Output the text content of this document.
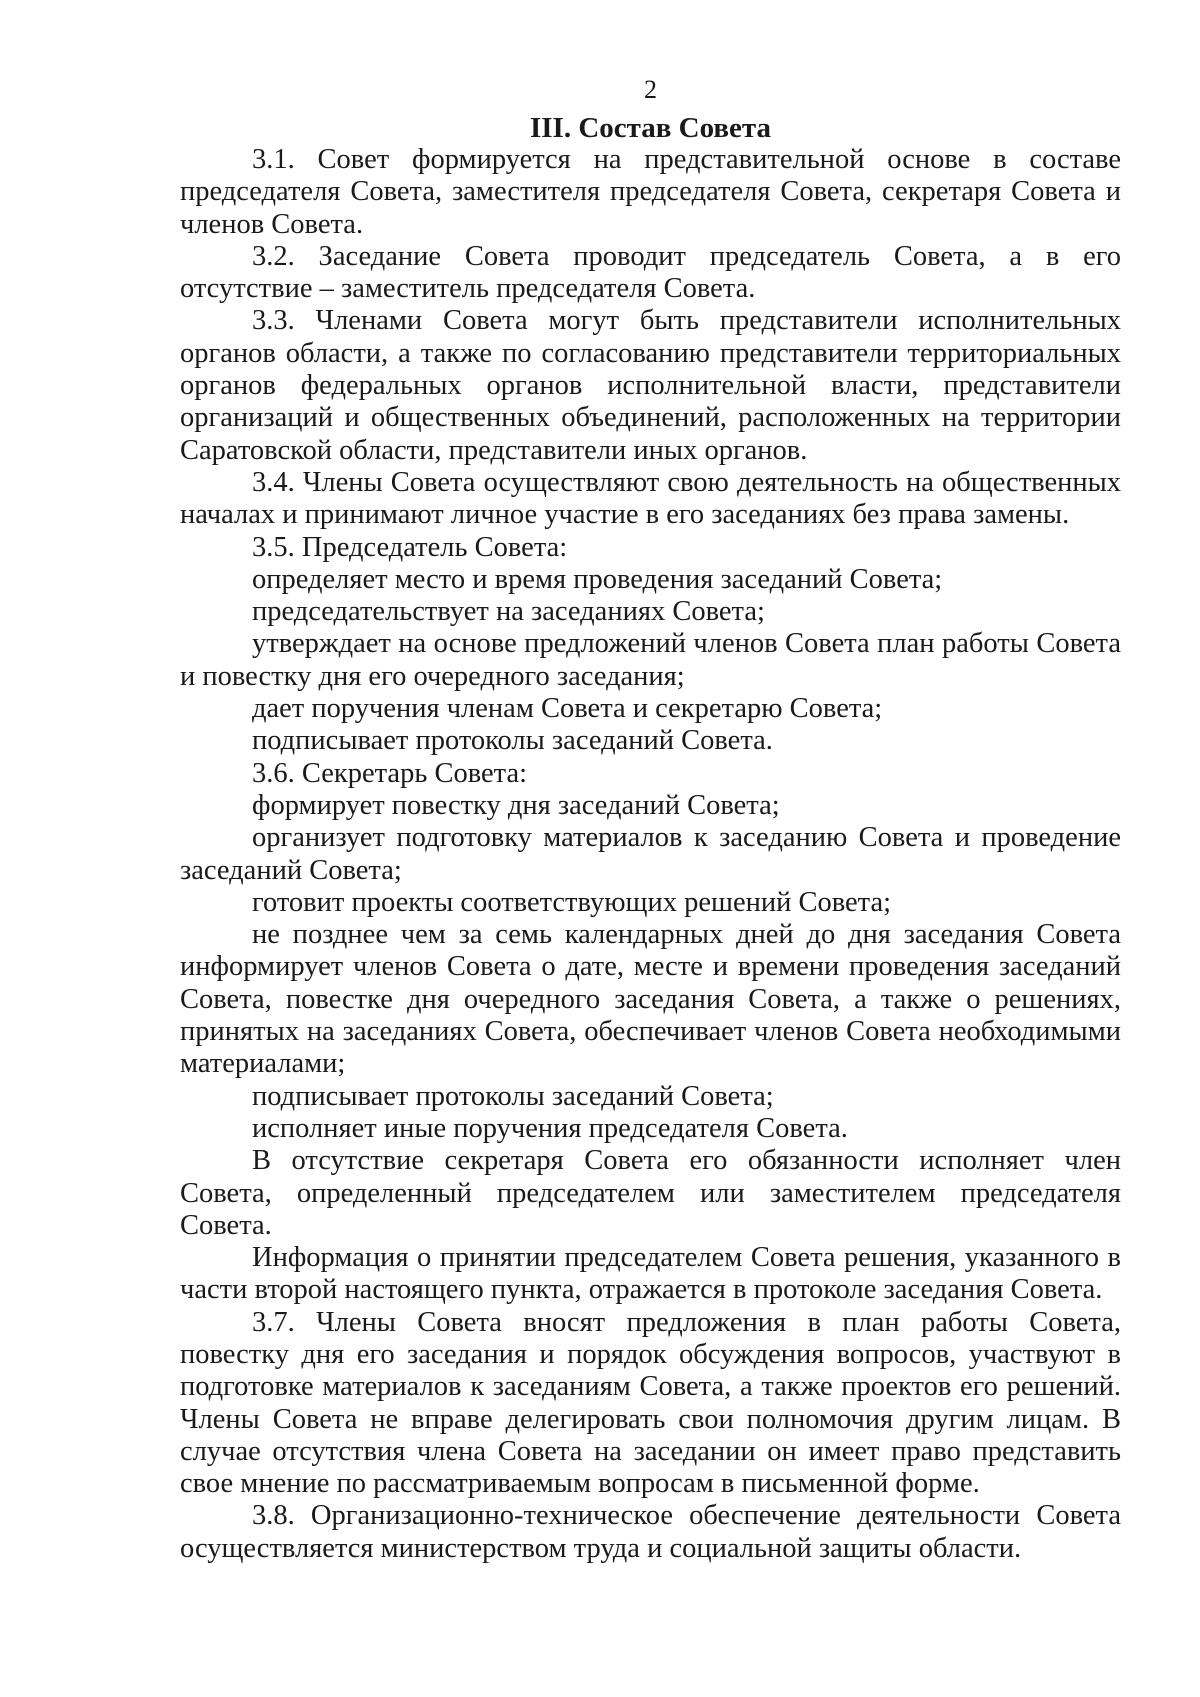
2
III. Состав Совета

3.1. Совет формируется на представительной основе в составе председателя Совета, заместителя председателя Совета, секретаря Совета и членов Совета.

3.2. Заседание Совета проводит председатель Совета, а в его отсутствие – заместитель председателя Совета.

3.3. Членами Совета могут быть представители исполнительных органов области, а также по согласованию представители территориальных органов федеральных органов исполнительной власти, представители организаций и общественных объединений, расположенных на территории Саратовской области, представители иных органов.

3.4. Члены Совета осуществляют свою деятельность на общественных началах и принимают личное участие в его заседаниях без права замены.

3.5. Председатель Совета:

определяет место и время проведения заседаний Совета;

председательствует на заседаниях Совета;

утверждает на основе предложений членов Совета план работы Совета и повестку дня его очередного заседания;

дает поручения членам Совета и секретарю Совета;

подписывает протоколы заседаний Совета.

3.6. Секретарь Совета:

формирует повестку дня заседаний Совета;

организует подготовку материалов к заседанию Совета и проведение заседаний Совета;

готовит проекты соответствующих решений Совета;

не позднее чем за семь календарных дней до дня заседания Совета информирует членов Совета о дате, месте и времени проведения заседаний Совета, повестке дня очередного заседания Совета, а также о решениях, принятых на заседаниях Совета, обеспечивает членов Совета необходимыми материалами;

подписывает протоколы заседаний Совета;

исполняет иные поручения председателя Совета.

В отсутствие секретаря Совета его обязанности исполняет член Совета, определенный председателем или заместителем председателя Совета.

Информация о принятии председателем Совета решения, указанного в части второй настоящего пункта, отражается в протоколе заседания Совета.

3.7. Члены Совета вносят предложения в план работы Совета, повестку дня его заседания и порядок обсуждения вопросов, участвуют в подготовке материалов к заседаниям Совета, а также проектов его решений. Члены Совета не вправе делегировать свои полномочия другим лицам. В случае отсутствия члена Совета на заседании он имеет право представить свое мнение по рассматриваемым вопросам в письменной форме.

3.8. Организационно-техническое обеспечение деятельности Совета осуществляется министерством труда и социальной защиты области.
